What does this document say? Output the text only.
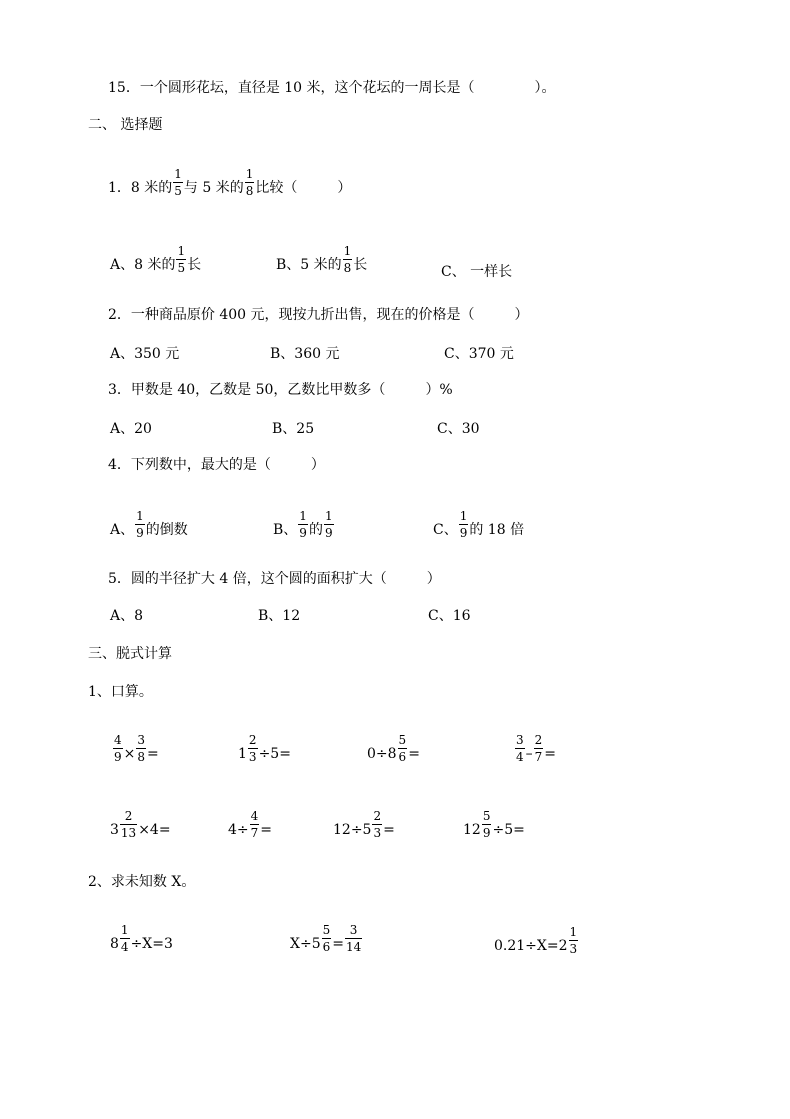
15．一个圆形花坛，直径是 10 米，这个花坛的一周长是（	）。
二、 选择题
1．8 米的 $\frac{1}{5}$ 与 5 米的 $\frac{1}{8}$ 比较（	）
A、8 米的 $\frac{1}{5}$ 长	B、5 米的 $\frac{1}{8}$ 长	C、 一样长
2．一种商品原价 400 元，现按九折出售，现在的价格是（	）
A、350 元	B、360 元	C、370 元
3．甲数是 40，乙数是 50，乙数比甲数多（	）%
A、20	B、25	C、30
4．下列数中，最大的是（	）
A、 $\frac{1}{9}$ 的倒数	B、 $\frac{1}{9}$ 的 $\frac{1}{9}$	C、 $\frac{1}{9}$ 的 18 倍
5．圆的半径扩大 4 倍，这个圆的面积扩大（	）
A、8	B、12	C、16
三、脱式计算
1、口算。
$\frac{4}{9} \times \frac{3}{8}$ =	$1 \frac{2}{3} \div 5=$	$0\div 8 \frac{5}{6}$ =	$\frac{3}{4} - \frac{2}{7}$ =
$3 \frac{2}{13} \times 4=$	$4\div \frac{4}{7}$ =	$12\div 5 \frac{2}{3}$ =	$12 \frac{5}{9} \div 5=$
2、求未知数 X。
$8 \frac{1}{4} \div X=3$	$X\div 5 \frac{5}{6} = \frac{3}{14}$	$0.21\div X=2 \frac{1}{3}$
